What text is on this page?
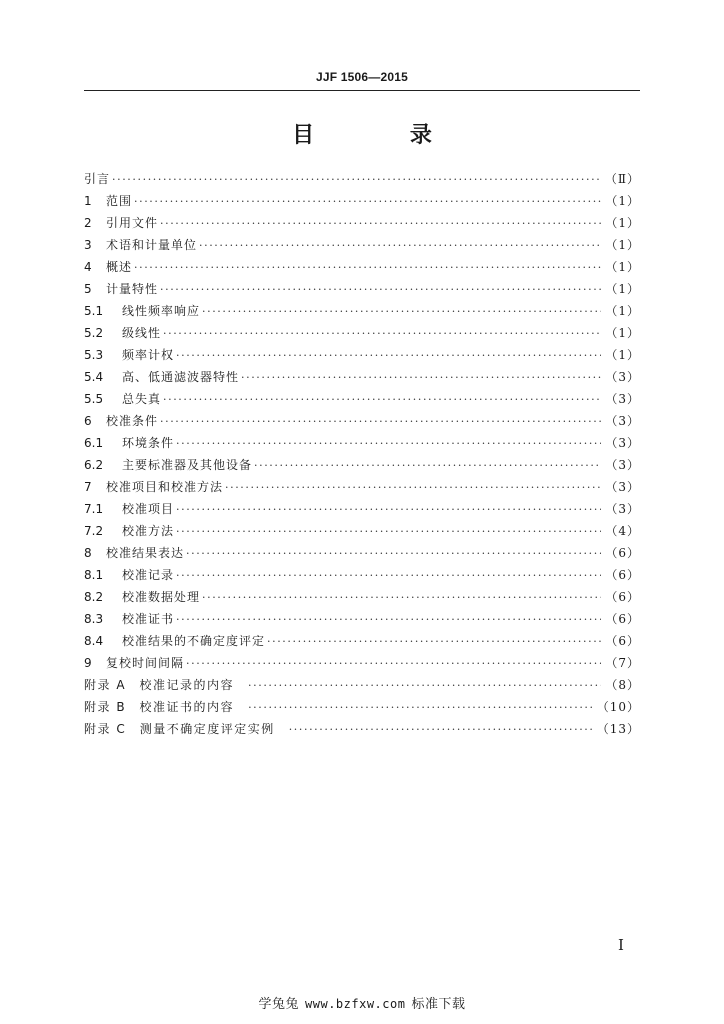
JJF 1506—2015
目 录
引言 ·····	（Ⅱ）
1	范围 ·····	（1）
2	引用文件 ·····	（1）
3	术语和计量单位 ·····	（1）
4	概述 ·····	（1）
5	计量特性 ·····	（1）
5.1	线性频率响应 ·····	（1）
5.2	级线性 ·····	（1）
5.3	频率计权 ·····	（1）
5.4	高、低通滤波器特性 ·····	（3）
5.5	总失真 ·····	（3）
6	校准条件 ·····	（3）
6.1	环境条件 ·····	（3）
6.2	主要标准器及其他设备 ·····	（3）
7	校准项目和校准方法 ·····	（3）
7.1	校准项目 ·····	（3）
7.2	校准方法 ·····	（4）
8	校准结果表达 ·····	（6）
8.1	校准记录 ·····	（6）
8.2	校准数据处理 ·····	（6）
8.3	校准证书 ·····	（6）
8.4	校准结果的不确定度评定 ·····	（6）
9	复校时间间隔 ·····	（7）
附录 A　校准记录的内容 ·····	（8）
附录 B　校准证书的内容 ·····	（10）
附录 C　测量不确定度评定实例 ·····	（13）
I
学兔兔 www.bzfxw.com 标准下载
